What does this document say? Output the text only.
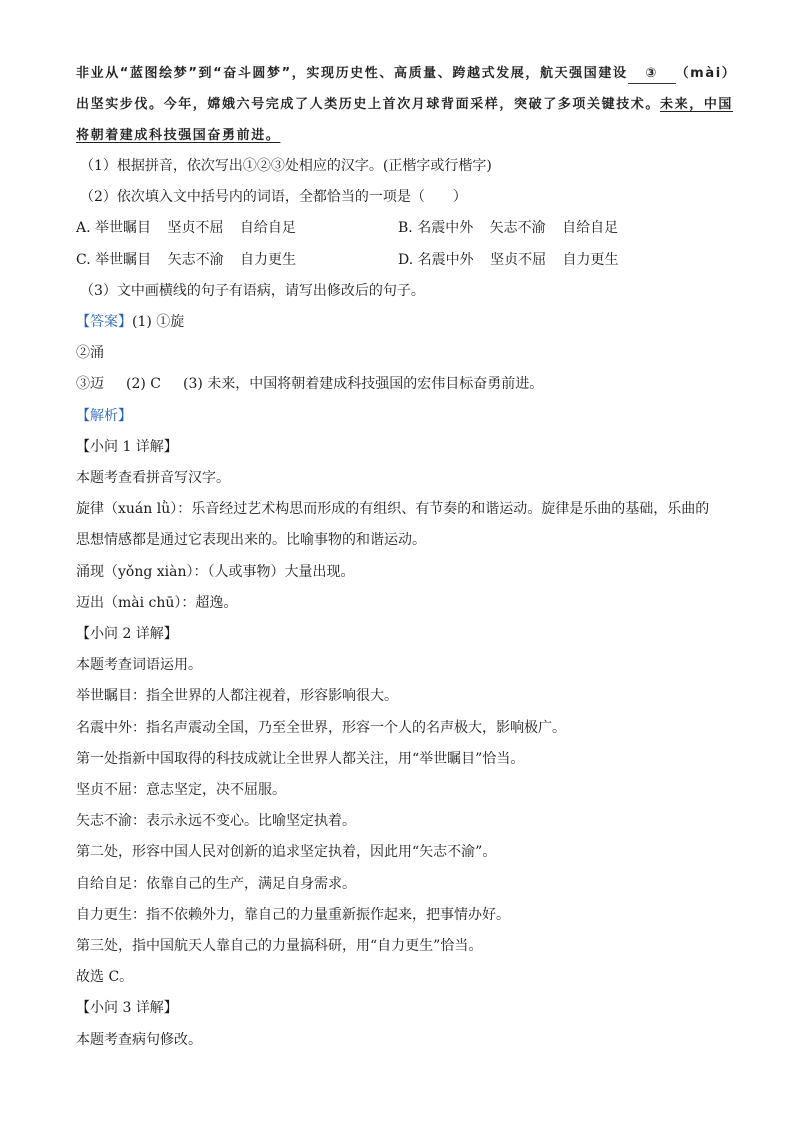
非业从“蓝图绘梦”到“奋斗圆梦”，实现历史性、高质量、跨越式发展，航天强国建设 ③ （mài）
出坚实步伐。今年，嫦娥六号完成了人类历史上首次月球背面采样，突破了多项关键技术。未来，中国
将朝着建成科技强国奋勇前进。
（1）根据拼音，依次写出①②③处相应的汉字。(正楷字或行楷字)
（2）依次填入文中括号内的词语，全都恰当的一项是（　　）
A. 举世瞩目 坚贞不屈 自给自足	B. 名震中外 矢志不渝 自给自足
C. 举世瞩目 矢志不渝 自力更生	D. 名震中外 坚贞不屈 自力更生
（3）文中画横线的句子有语病，请写出修改后的句子。
【答案】(1) ①旋
②涌
③迈 (2) C (3) 未来，中国将朝着建成科技强国的宏伟目标奋勇前进。
【解析】
【小问 1 详解】
本题考查看拼音写汉字。
旋律（xuán lǜ）：乐音经过艺术构思而形成的有组织、有节奏的和谐运动。旋律是乐曲的基础，乐曲的
思想情感都是通过它表现出来的。比喻事物的和谐运动。
涌现（yǒng xiàn）：（人或事物）大量出现。
迈出（mài chū）：超逸。
【小问 2 详解】
本题考查词语运用。
举世瞩目：指全世界的人都注视着，形容影响很大。
名震中外：指名声震动全国，乃至全世界，形容一个人的名声极大，影响极广。
第一处指新中国取得的科技成就让全世界人都关注，用“举世瞩目”恰当。
坚贞不屈：意志坚定，决不屈服。
矢志不渝：表示永远不变心。比喻坚定执着。
第二处，形容中国人民对创新的追求坚定执着，因此用“矢志不渝”。
自给自足：依靠自己的生产，满足自身需求。
自力更生：指不依赖外力，靠自己的力量重新振作起来，把事情办好。
第三处，指中国航天人靠自己的力量搞科研，用“自力更生”恰当。
故选 C。
【小问 3 详解】
本题考查病句修改。
